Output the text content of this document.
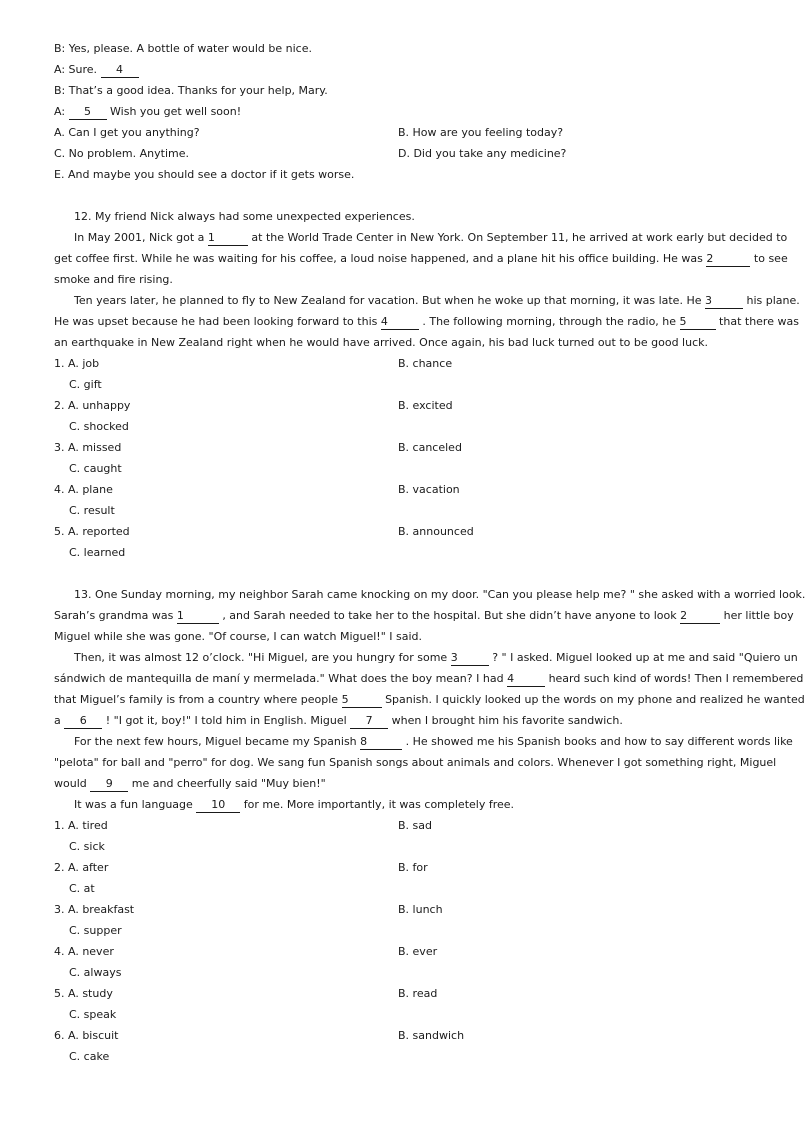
B: Yes, please. A bottle of water would be nice.
A: Sure. 4
B: That’s a good idea. Thanks for your help, Mary.
A: 5 Wish you get well soon!
A. Can I get you anything?	B. How are you feeling today?
C. No problem. Anytime.	D. Did you take any medicine?
E. And maybe you should see a doctor if it gets worse.
12. My friend Nick always had some unexpected experiences.
In May 2001, Nick got a 1	at the World Trade Center in New York. On September 11, he arrived at work early but decided to
get coffee first. While he was waiting for his coffee, a loud noise happened, and a plane hit his office building. He was 2	to see
smoke and fire rising.
Ten years later, he planned to fly to New Zealand for vacation. But when he woke up that morning, it was late. He 3	his plane.
He was upset because he had been looking forward to this 4	. The following morning, through the radio, he 5	that there was
an earthquake in New Zealand right when he would have arrived. Once again, his bad luck turned out to be good luck.
1. A. job	B. chance
C. gift
2. A. unhappy	B. excited
C. shocked
3. A. missed	B. canceled
C. caught
4. A. plane	B. vacation
C. result
5. A. reported	B. announced
C. learned
13. One Sunday morning, my neighbor Sarah came knocking on my door. "Can you please help me? " she asked with a worried look.
Sarah’s grandma was 1	, and Sarah needed to take her to the hospital. But she didn’t have anyone to look 2	her little boy
Miguel while she was gone. "Of course, I can watch Miguel!" I said.
Then, it was almost 12 o’clock. "Hi Miguel, are you hungry for some 3	? " I asked. Miguel looked up at me and said "Quiero un
sándwich de mantequilla de maní y mermelada." What does the boy mean? I had 4	heard such kind of words! Then I remembered
that Miguel’s family is from a country where people 5	Spanish. I quickly looked up the words on my phone and realized he wanted
a 6 ! "I got it, boy!" I told him in English. Miguel 7 when I brought him his favorite sandwich.
For the next few hours, Miguel became my Spanish 8	. He showed me his Spanish books and how to say different words like
"pelota" for ball and "perro" for dog. We sang fun Spanish songs about animals and colors. Whenever I got something right, Miguel
would 9 me and cheerfully said "Muy bien!"
It was a fun language 10 for me. More importantly, it was completely free.
1. A. tired	B. sad
C. sick
2. A. after	B. for
C. at
3. A. breakfast	B. lunch
C. supper
4. A. never	B. ever
C. always
5. A. study	B. read
C. speak
6. A. biscuit	B. sandwich
C. cake
